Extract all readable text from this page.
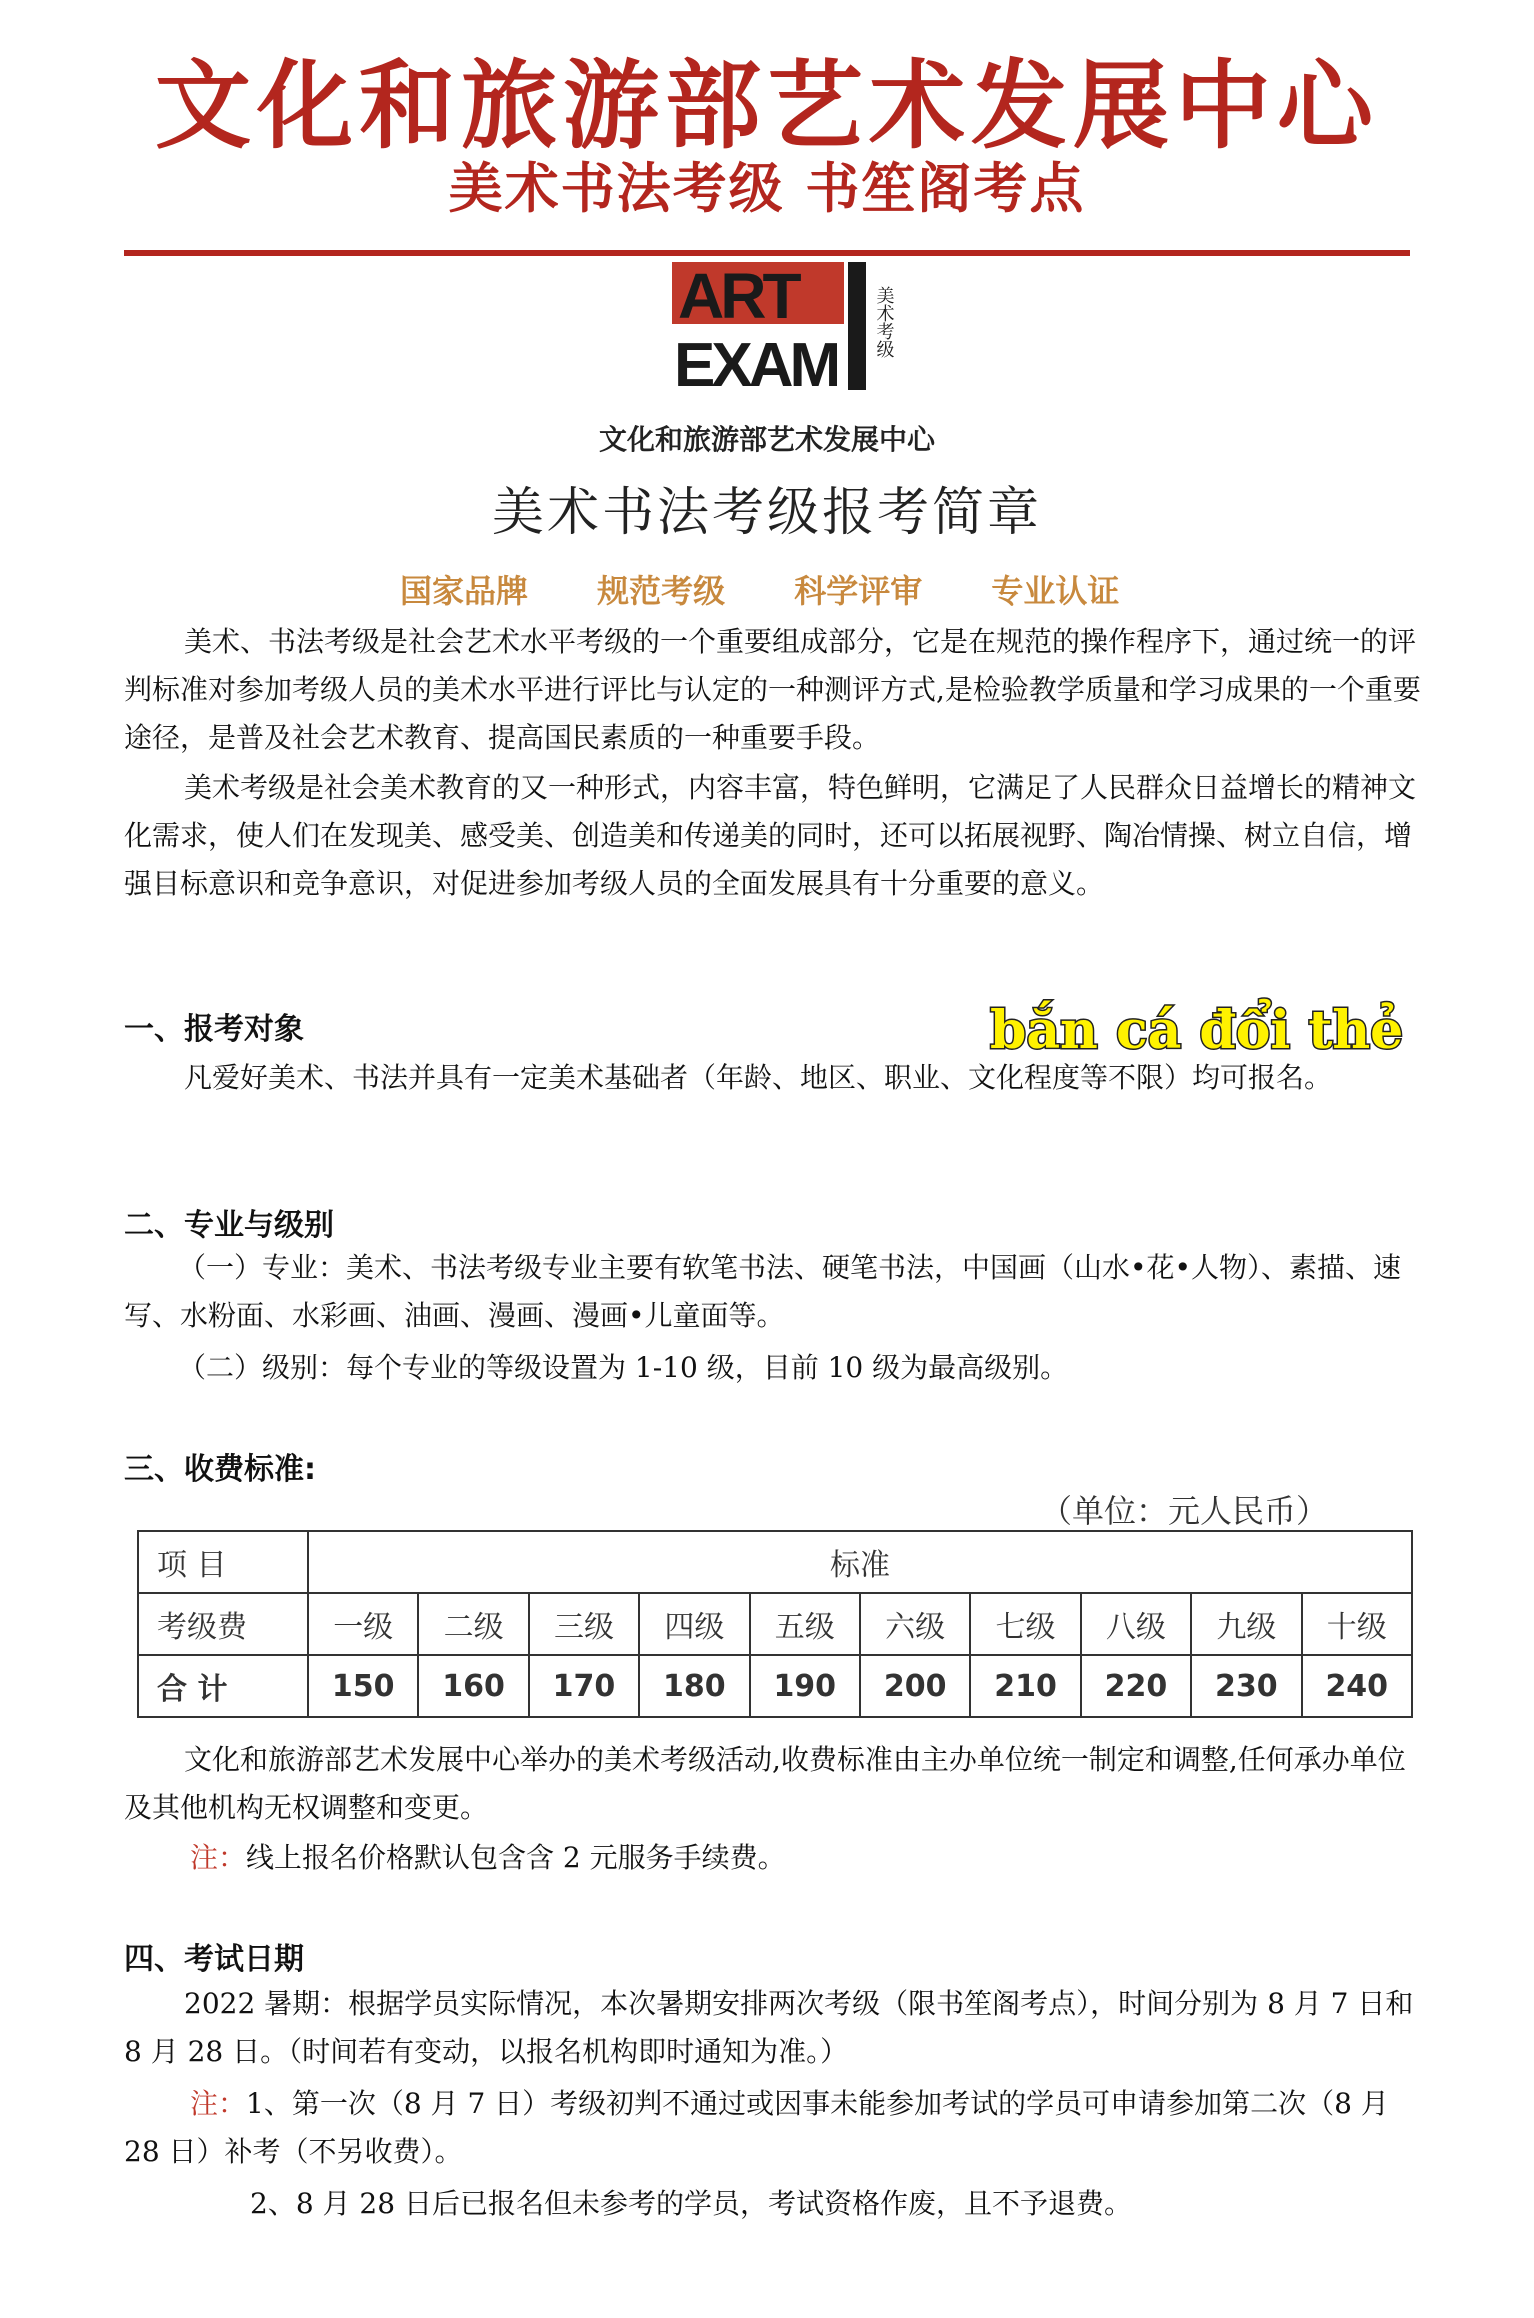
文化和旅游部艺术发展中心
美术书法考级 书笙阁考点
ART
EXAM
美术考级
文化和旅游部艺术发展中心
美术书法考级报考简章
国家品牌 规范考级 科学评审 专业认证
美术、书法考级是社会艺术水平考级的一个重要组成部分，它是在规范的操作程序下，通过统一的评判标准对参加考级人员的美术水平进行评比与认定的一种测评方式,是检验教学质量和学习成果的一个重要途径，是普及社会艺术教育、提高国民素质的一种重要手段。
美术考级是社会美术教育的又一种形式，内容丰富，特色鲜明，它满足了人民群众日益增长的精神文化需求，使人们在发现美、感受美、创造美和传递美的同时，还可以拓展视野、陶冶情操、树立自信，增强目标意识和竞争意识，对促进参加考级人员的全面发展具有十分重要的意义。
一、报考对象	bắn cá đổi thẻ
凡爱好美术、书法并具有一定美术基础者（年龄、地区、职业、文化程度等不限）均可报名。
二、专业与级别
（一）专业：美术、书法考级专业主要有软笔书法、硬笔书法，中国画（山水•花•人物）、素描、速写、水粉面、水彩画、油画、漫画、漫画•儿童面等。
（二）级别：每个专业的等级设置为 1-10 级，目前 10 级为最高级别。
三、收费标准:
（单位：元人民币）
项 目	标准									
考级费	一级	二级	三级	四级	五级	六级	七级	八级	九级	十级
合 计	150	160	170	180	190	200	210	220	230	240
文化和旅游部艺术发展中心举办的美术考级活动,收费标准由主办单位统一制定和调整,任何承办单位及其他机构无权调整和变更。
注：线上报名价格默认包含含 2 元服务手续费。
四、考试日期
2022 暑期：根据学员实际情况，本次暑期安排两次考级（限书笙阁考点），时间分别为 8 月 7 日和 8 月 28 日。（时间若有变动，以报名机构即时通知为准。）
注：1、第一次（8 月 7 日）考级初判不通过或因事未能参加考试的学员可申请参加第二次（8 月 28 日）补考（不另收费）。
2、8 月 28 日后已报名但未参考的学员，考试资格作废，且不予退费。
